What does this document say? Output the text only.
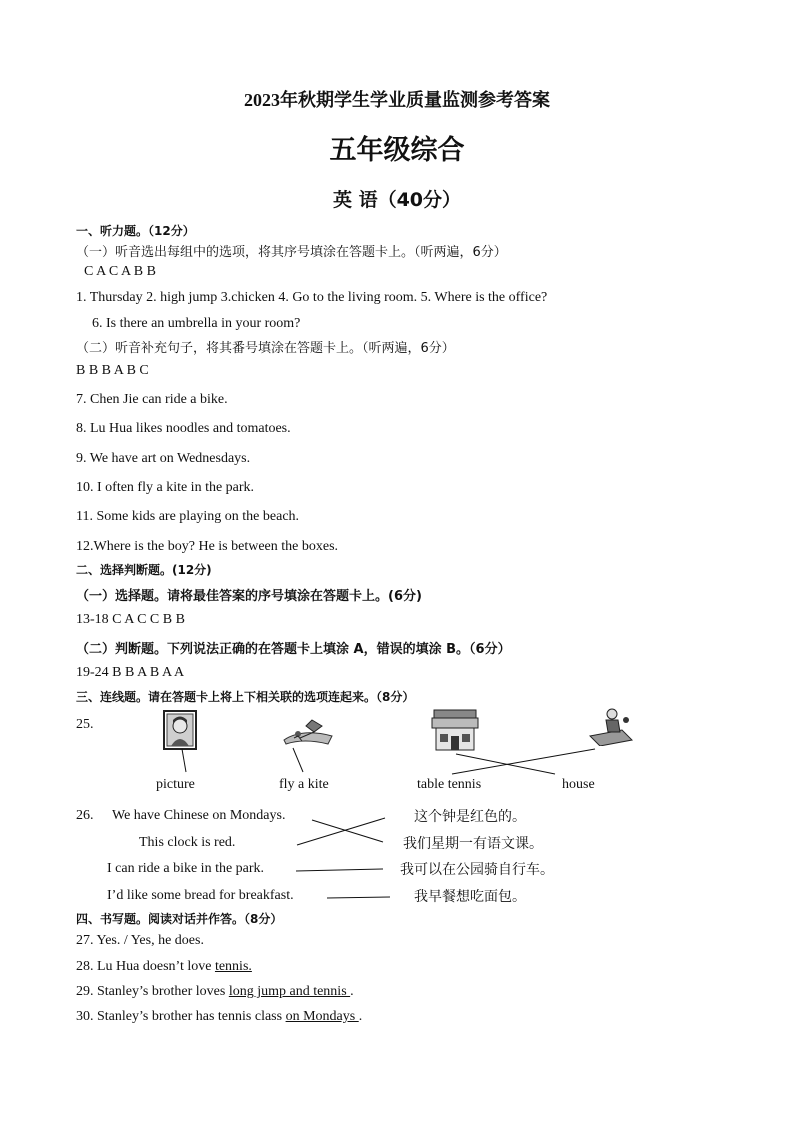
2023年秋期学生学业质量监测参考答案
五年级综合
英 语（40分）
一、听力题。（12分）
（一）听音选出每组中的选项，将其序号填涂在答题卡上。（听两遍，6分）
C A C A B B
1. Thursday 2. high jump 3.chicken 4. Go to the living room. 5. Where is the office?
6. Is there an umbrella in your room?
（二）听音补充句子，将其番号填涂在答题卡上。（听两遍，6分）
B B B A B C
7. Chen Jie can ride a bike.
8. Lu Hua likes noodles and tomatoes.
9. We have art on Wednesdays.
10. I often fly a kite in the park.
11. Some kids are playing on the beach.
12.Where is the boy? He is between the boxes.
二、选择判断题。(12分)
（一）选择题。请将最佳答案的序号填涂在答题卡上。(6分)
13-18 C A C C B B
（二）判断题。下列说法正确的在答题卡上填涂 A，错误的填涂 B。（6分）
19-24 B B A B A A
三、连线题。请在答题卡上将上下相关联的选项连起来。（8分）
25.
picture	fly a kite	table tennis	house
26. We have Chinese on Mondays.
This clock is red.
I can ride a bike in the park.
I’d like some bread for breakfast.
这个钟是红色的。
我们星期一有语文课。
我可以在公园骑自行车。
我早餐想吃面包。
四、书写题。阅读对话并作答。（8分）
27. Yes. / Yes, he does.
28. Lu Hua doesn’t love tennis.
29. Stanley’s brother loves long jump and tennis .
30. Stanley’s brother has tennis class on Mondays .
